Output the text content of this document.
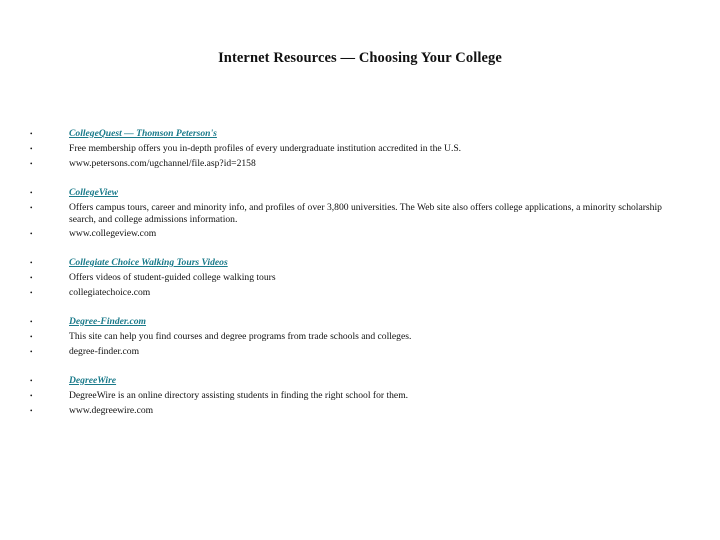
Internet Resources — Choosing Your College
•	CollegeQuest — Thomson Peterson's
•	Free membership offers you in-depth profiles of every undergraduate institution accredited in the U.S.
•	www.petersons.com/ugchannel/file.asp?id=2158
•	CollegeView
•	Offers campus tours, career and minority info, and profiles of over 3,800 universities. The Web site also offers college applications, a minority scholarship search, and college admissions information.
•	www.collegeview.com
•	Collegiate Choice Walking Tours Videos
•	Offers videos of student-guided college walking tours
•	collegiatechoice.com
•	Degree-Finder.com
•	This site can help you find courses and degree programs from trade schools and colleges.
•	degree-finder.com
•	DegreeWire
•	DegreeWire is an online directory assisting students in finding the right school for them.
•	www.degreewire.com
